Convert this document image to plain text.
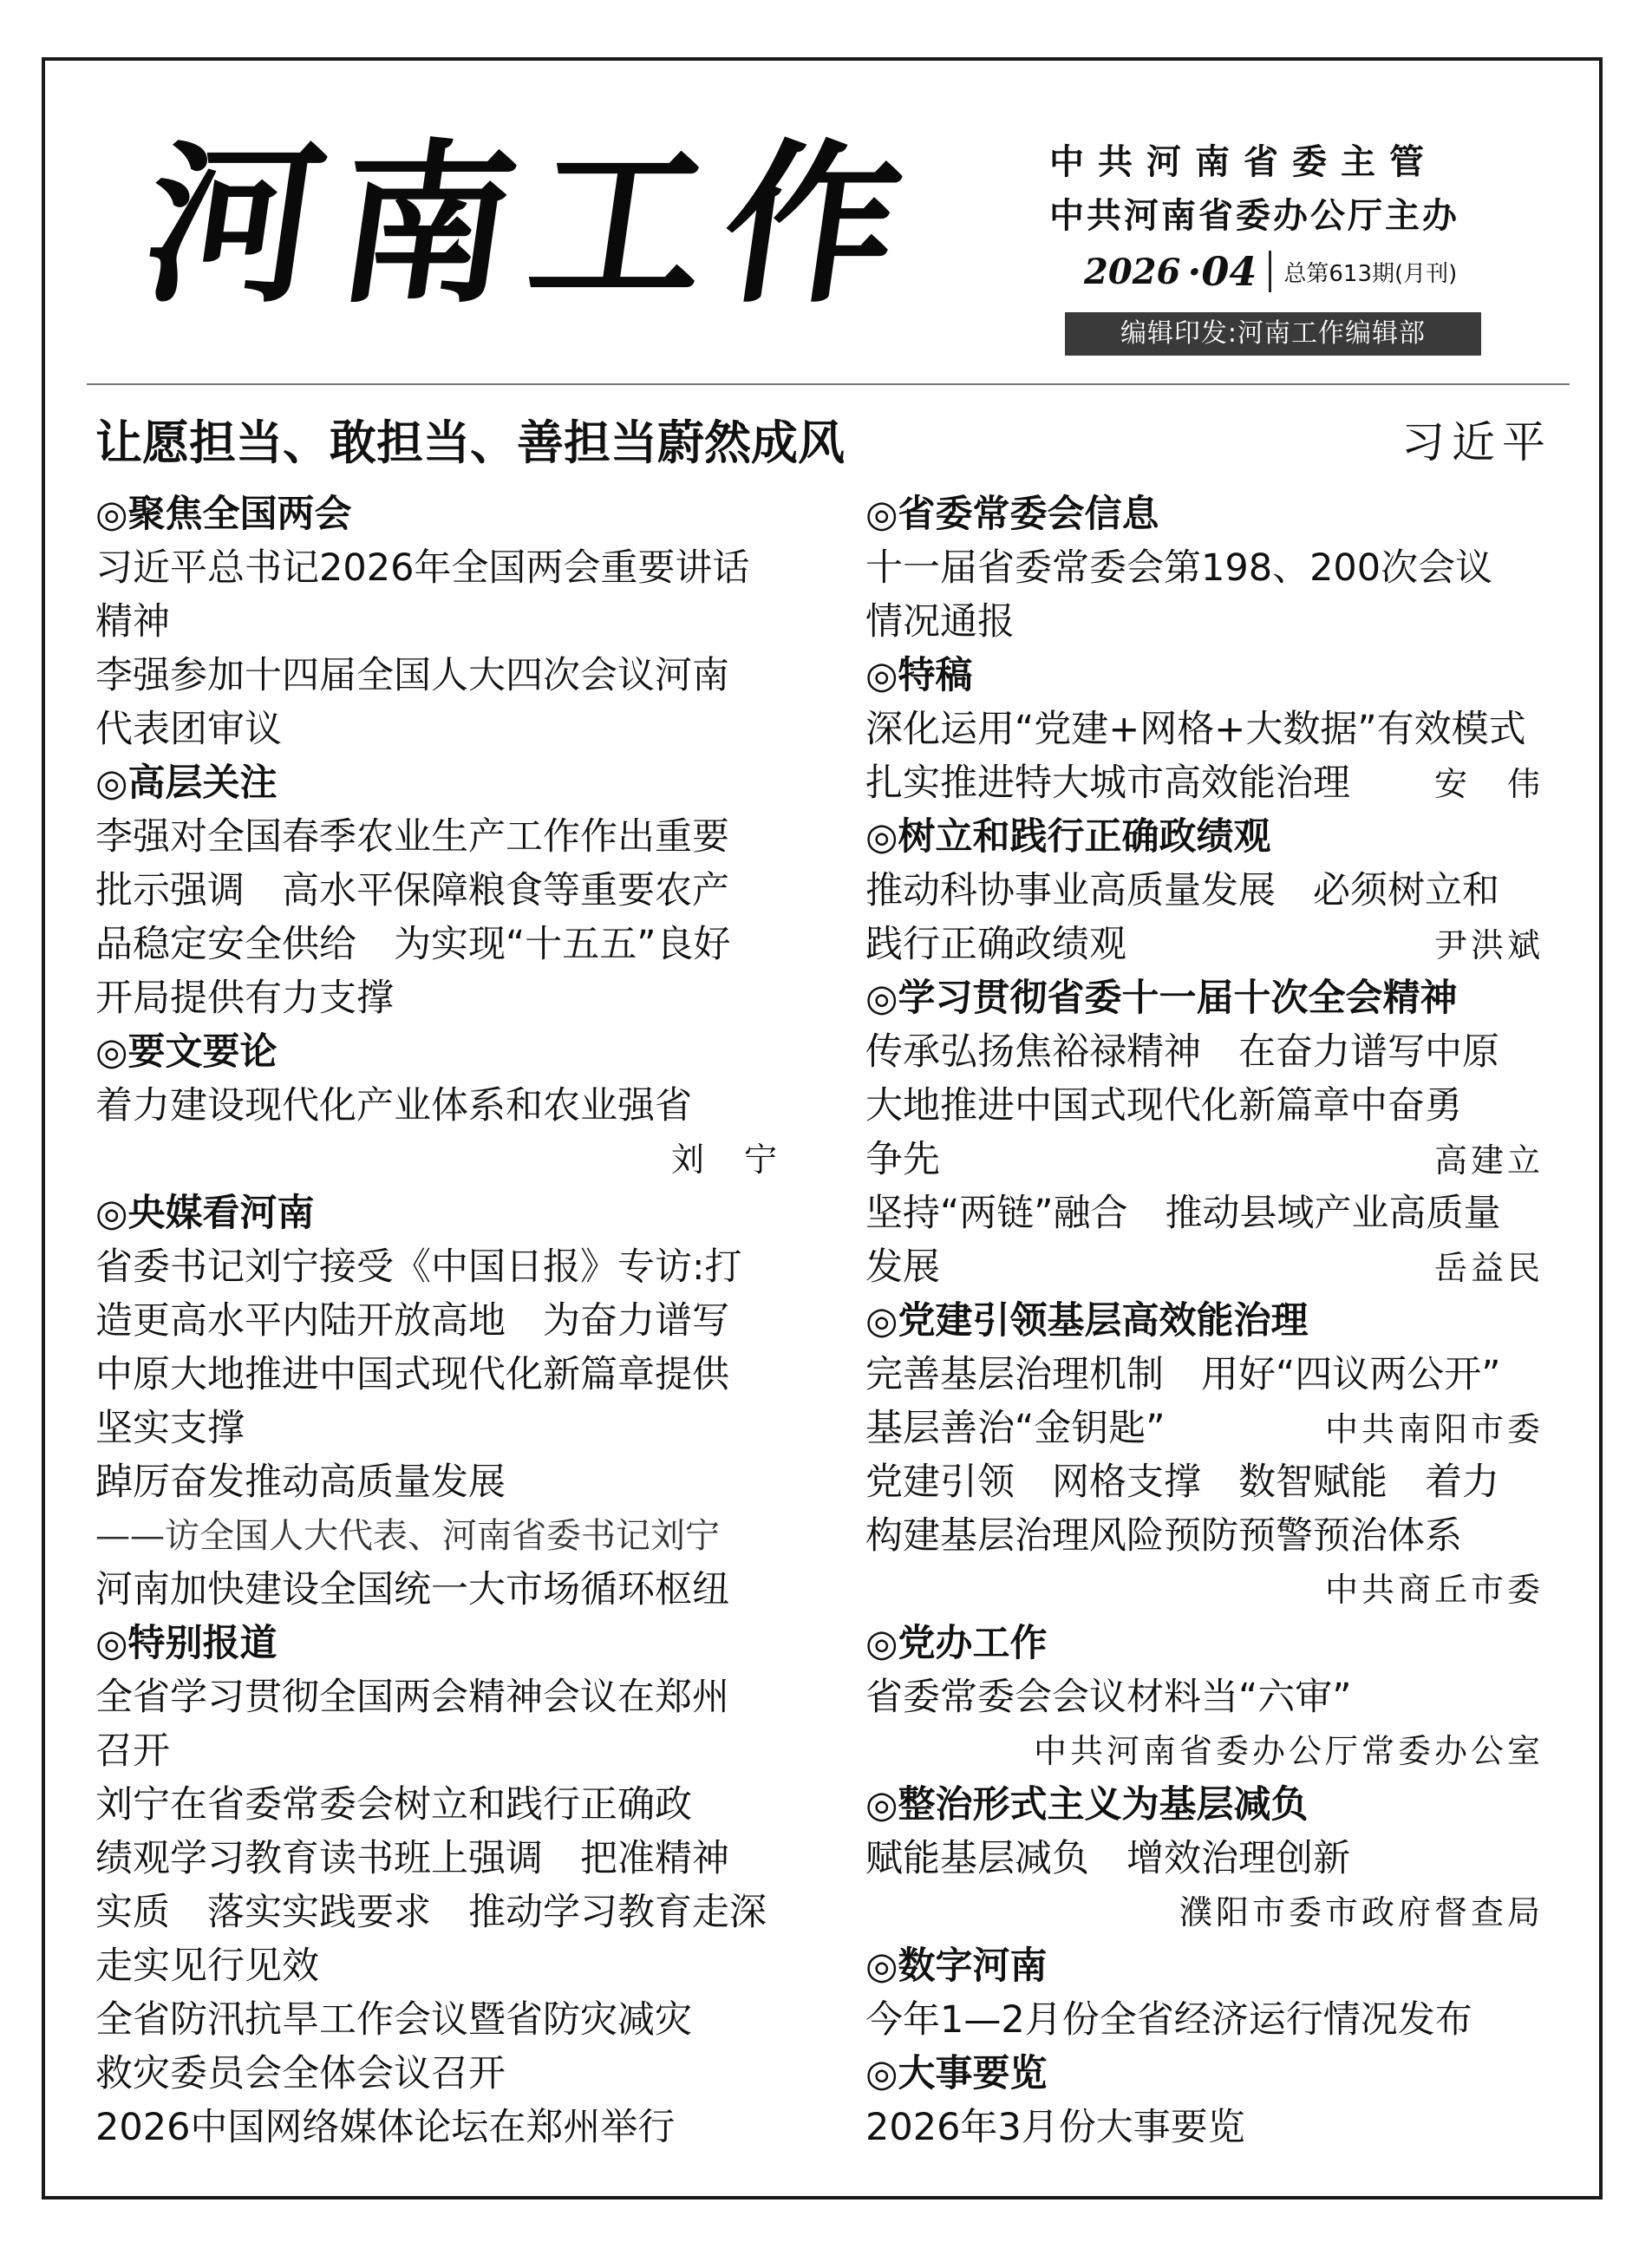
河南工作	中共河南省委主管
中共河南省委办公厅主办
2026 ·04 总第613期(月刊)
编辑印发:河南工作编辑部
让愿担当、敢担当、善担当蔚然成风	习近平
◎聚焦全国两会
习近平总书记2026年全国两会重要讲话
精神
李强参加十四届全国人大四次会议河南
代表团审议
◎高层关注
李强对全国春季农业生产工作作出重要
批示强调　高水平保障粮食等重要农产
品稳定安全供给　为实现“十五五”良好
开局提供有力支撑
◎要文要论
着力建设现代化产业体系和农业强省
刘　宁
◎央媒看河南
省委书记刘宁接受《中国日报》专访:打
造更高水平内陆开放高地　为奋力谱写
中原大地推进中国式现代化新篇章提供
坚实支撑
踔厉奋发推动高质量发展
——访全国人大代表、河南省委书记刘宁
河南加快建设全国统一大市场循环枢纽
◎特别报道
全省学习贯彻全国两会精神会议在郑州
召开
刘宁在省委常委会树立和践行正确政
绩观学习教育读书班上强调　把准精神
实质　落实实践要求　推动学习教育走深
走实见行见效
全省防汛抗旱工作会议暨省防灾减灾
救灾委员会全体会议召开
2026中国网络媒体论坛在郑州举行
◎省委常委会信息
十一届省委常委会第198、200次会议
情况通报
◎特稿
深化运用“党建+网格+大数据”有效模式
扎实推进特大城市高效能治理	安　伟
◎树立和践行正确政绩观
推动科协事业高质量发展　必须树立和
践行正确政绩观	尹洪斌
◎学习贯彻省委十一届十次全会精神
传承弘扬焦裕禄精神　在奋力谱写中原
大地推进中国式现代化新篇章中奋勇
争先	高建立
坚持“两链”融合　推动县域产业高质量
发展	岳益民
◎党建引领基层高效能治理
完善基层治理机制　用好“四议两公开”
基层善治“金钥匙”	中共南阳市委
党建引领　网格支撑　数智赋能　着力
构建基层治理风险预防预警预治体系
中共商丘市委
◎党办工作
省委常委会会议材料当“六审”
中共河南省委办公厅常委办公室
◎整治形式主义为基层减负
赋能基层减负　增效治理创新
濮阳市委市政府督查局
◎数字河南
今年1—2月份全省经济运行情况发布
◎大事要览
2026年3月份大事要览
